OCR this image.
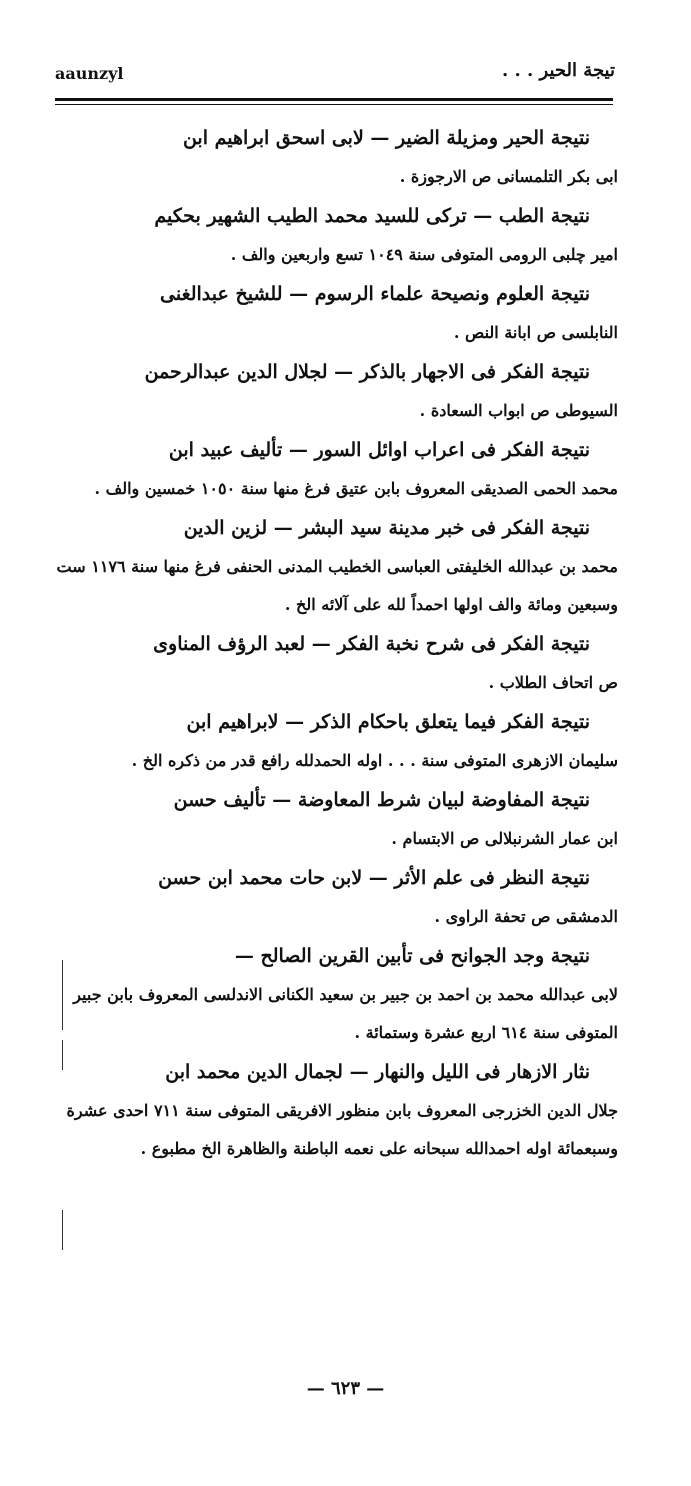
aaunzyl	تيجة الحير . . .
نتيجة الحير ومزيلة الضير — لابى اسحق ابراهيم ابن
ابى بكر التلمسانى ص الارجوزة .
نتيجة الطب — تركى للسيد محمد الطيب الشهير بحكيم
امير چلبى الرومى المتوفى سنة ١٠٤٩ تسع واربعين والف .
نتيجة العلوم ونصيحة علماء الرسوم — للشيخ عبدالغنى
النابلسى ص ابانة النص .
نتيجة الفكر فى الاجهار بالذكر — لجلال الدين عبدالرحمن
السيوطى ص ابواب السعادة .
نتيجة الفكر فى اعراب اوائل السور — تأليف عبيد ابن
محمد الحمى الصديقى المعروف بابن عتيق فرغ منها سنة ١٠٥٠ خمسين والف .
نتيجة الفكر فى خبر مدينة سيد البشر — لزين الدين
محمد بن عبدالله الخليفتى العباسى الخطيب المدنى الحنفى فرغ منها سنة ١١٧٦ ست وسبعين ومائة والف اولها احمداً لله على آلائه الخ .
نتيجة الفكر فى شرح نخبة الفكر — لعبد الرؤف المناوى
ص اتحاف الطلاب .
نتيجة الفكر فيما يتعلق باحكام الذكر — لابراهيم ابن
سليمان الازهرى المتوفى سنة . . . اوله الحمدلله رافع قدر من ذكره الخ .
نتيجة المفاوضة لبيان شرط المعاوضة — تأليف حسن
ابن عمار الشرنبلالى ص الابتسام .
نتيجة النظر فى علم الأثر — لابن حات محمد ابن حسن
الدمشقى ص تحفة الراوى .
نتيجة وجد الجوانح فى تأبين القرين الصالح —
لابى عبدالله محمد بن احمد بن جبير بن سعيد الكنانى الاندلسى المعروف بابن جبير المتوفى سنة ٦١٤ اربع عشرة وستمائة .
نثار الازهار فى الليل والنهار — لجمال الدين محمد ابن
جلال الدين الخزرجى المعروف بابن منظور الافريقى المتوفى سنة ٧١١ احدى عشرة وسبعمائة اوله احمدالله سبحانه على نعمه الباطنة والظاهرة الخ مطبوع .
— ٦٢٣ —
